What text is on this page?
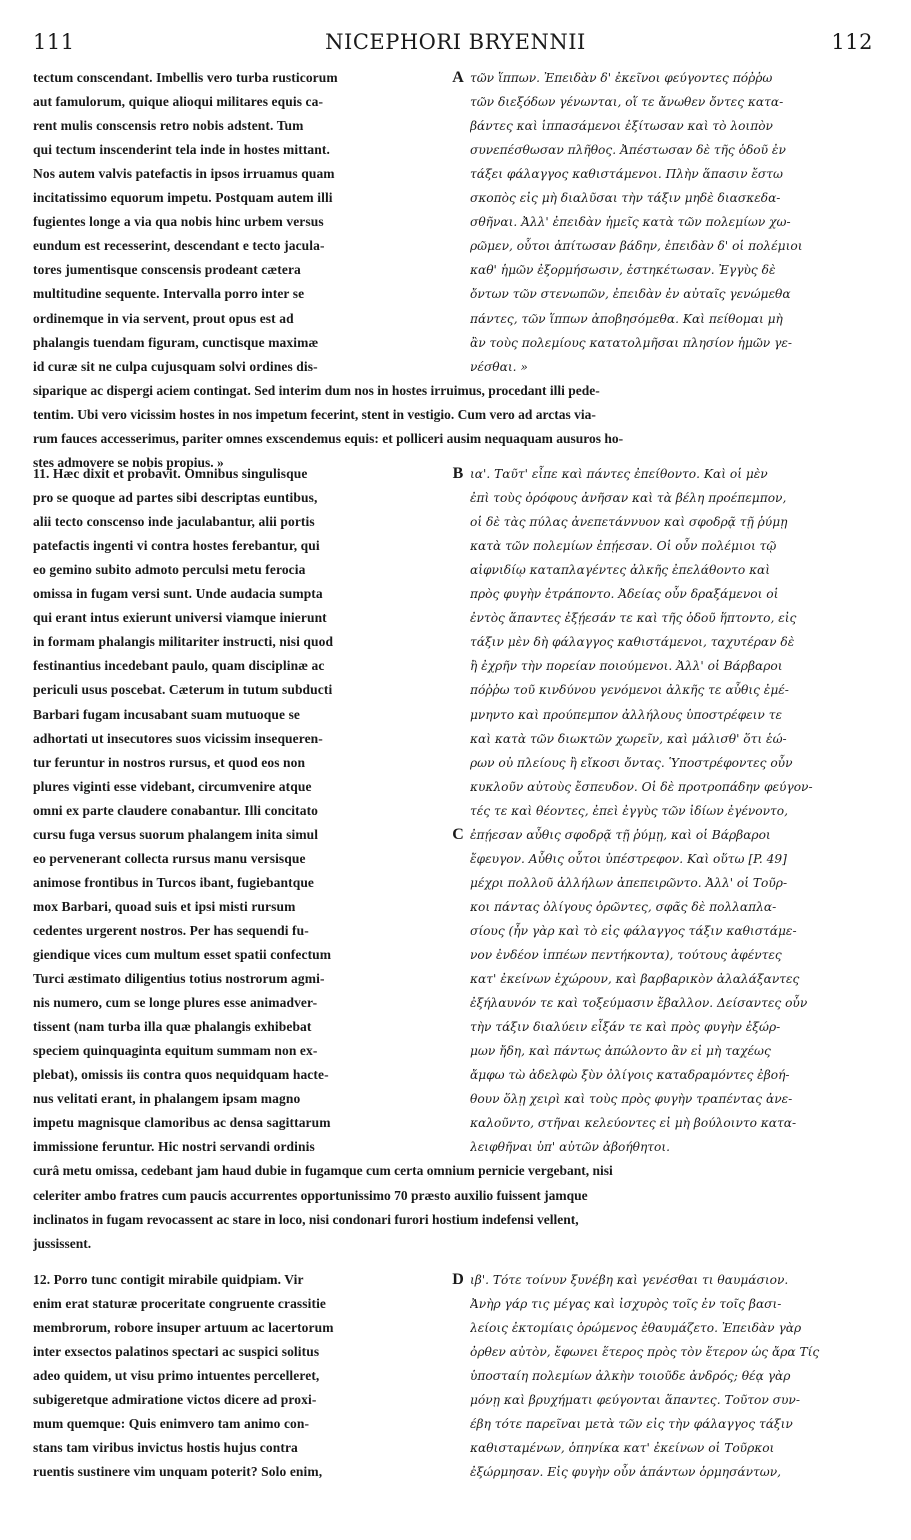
111	NICEPHORI BRYENNII	112
tectum conscendant. Imbellis vero turba rusticorum
aut famulorum, quique alioqui militares equis ca-
rent mulis conscensis retro nobis adstent. Tum
qui tectum inscenderint tela inde in hostes mittant.
Nos autem valvis patefactis in ipsos irruamus quam
incitatissimo equorum impetu. Postquam autem illi
fugientes longe a via qua nobis hinc urbem versus
eundum est recesserint, descendant e tecto jacula-
tores jumentisque conscensis prodeant cætera
multitudine sequente. Intervalla porro inter se
ordinemque in via servent, prout opus est ad
phalangis tuendam figuram, cunctisque maximæ
id curæ sit ne culpa cujusquam solvi ordines dis-
τῶν ἵππων. Ἐπειδὰν δ' ἐκεῖνοι φεύγοντες πόῤῥω
τῶν διεξόδων γένωνται, οἵ τε ἄνωθεν ὄντες κατα-
βάντες καὶ ἱππασάμενοι ἐξίτωσαν καὶ τὸ λοιπὸν
συνεπέσθωσαν πλῆθος. Ἀπέστωσαν δὲ τῆς ὁδοῦ ἐν
τάξει φάλαγγος καθιστάμενοι. Πλὴν ἅπασιν ἔστω
σκοπὸς εἰς μὴ διαλῦσαι τὴν τάξιν μηδὲ διασκεδα-
σθῆναι. Ἀλλ' ἐπειδὰν ἡμεῖς κατὰ τῶν πολεμίων χω-
ρῶμεν, οὗτοι ἀπίτωσαν βάδην, ἐπειδὰν δ' οἱ πολέμιοι
καθ' ἡμῶν ἐξορμήσωσιν, ἑστηκέτωσαν. Ἐγγὺς δὲ
ὄντων τῶν στενωπῶν, ἐπειδὰν ἐν αὐταῖς γενώμεθα
πάντες, τῶν ἵππων ἀποβησόμεθα. Καὶ πείθομαι μὴ
ἂν τοὺς πολεμίους κατατολμῆσαι πλησίον ἡμῶν γε-
νέσθαι. »
siparique ac dispergi aciem contingat. Sed interim dum nos in hostes irruimus, procedant illi pede-
tentim. Ubi vero vicissim hostes in nos impetum fecerint, stent in vestigio. Cum vero ad arctas via-
rum fauces accesserimus, pariter omnes exscendemus equis: et polliceri ausim nequaquam ausuros ho-
stes admovere se nobis propius. »
11. Hæc dixit et probavit. Omnibus singulisque
pro se quoque ad partes sibi descriptas euntibus,
alii tecto conscenso inde jaculabantur, alii portis
patefactis ingenti vi contra hostes ferebantur, qui
eo gemino subito admoto perculsi metu ferocia
omissa in fugam versi sunt. Unde audacia sumpta
qui erant intus exierunt universi viamque inierunt
in formam phalangis militariter instructi, nisi quod
festinantius incedebant paulo, quam disciplinæ ac
periculi usus poscebat. Cæterum in tutum subducti
Barbari fugam incusabant suam mutuoque se
adhortati ut insecutores suos vicissim insequeren-
tur feruntur in nostros rursus, et quod eos non
plures viginti esse videbant, circumvenire atque
omni ex parte claudere conabantur. Illi concitato
cursu fuga versus suorum phalangem inita simul
eo pervenerant collecta rursus manu versisque
animose frontibus in Turcos ibant, fugiebantque
mox Barbari, quoad suis et ipsi misti rursum
cedentes urgerent nostros. Per has sequendi fu-
giendique vices cum multum esset spatii confectum
Turci æstimato diligentius totius nostrorum agmi-
nis numero, cum se longe plures esse animadver-
tissent (nam turba illa quæ phalangis exhibebat
speciem quinquaginta equitum summam non ex-
plebat), omissis iis contra quos nequidquam hacte-
nus velitati erant, in phalangem ipsam magno
impetu magnisque clamoribus ac densa sagittarum
immissione feruntur. Hic nostri servandi ordinis
ια'. Ταῦτ' εἶπε καὶ πάντες ἐπείθοντο. Καὶ οἱ μὲν
ἐπὶ τοὺς ὀρόφους ἀνῆσαν καὶ τὰ βέλη προέπεμπον,
οἱ δὲ τὰς πύλας ἀνεπετάννυον καὶ σφοδρᾷ τῇ ῥύμῃ
κατὰ τῶν πολεμίων ἐπῄεσαν. Οἱ οὖν πολέμιοι τῷ
αἰφνιδίῳ καταπλαγέντες ἀλκῆς ἐπελάθοντο καὶ
πρὸς φυγὴν ἐτράποντο. Ἀδείας οὖν δραξάμενοι οἱ
ἐντὸς ἅπαντες ἐξῄεσάν τε καὶ τῆς ὁδοῦ ἥπτοντο, εἰς
τάξιν μὲν δὴ φάλαγγος καθιστάμενοι, ταχυτέραν δὲ
ἢ ἐχρῆν τὴν πορείαν ποιούμενοι. Ἀλλ' οἱ Βάρβαροι
πόῤῥω τοῦ κινδύνου γενόμενοι ἀλκῆς τε αὖθις ἐμέ-
μνηντο καὶ προύπεμπον ἀλλήλους ὑποστρέφειν τε
καὶ κατὰ τῶν διωκτῶν χωρεῖν, καὶ μάλισθ' ὅτι ἑώ-
ρων οὐ πλείους ἢ εἴκοσι ὄντας. Ὑποστρέφοντες οὖν
κυκλοῦν αὐτοὺς ἔσπευδον. Οἱ δὲ προτροπάδην φεύγον-
τές τε καὶ θέοντες, ἐπεὶ ἐγγὺς τῶν ἰδίων ἐγένοντο,
ἐπῄεσαν αὖθις σφοδρᾷ τῇ ῥύμῃ, καὶ οἱ Βάρβαροι
ἔφευγον. Αὖθις οὗτοι ὑπέστρεφον. Καὶ οὕτω [P. 49]
μέχρι πολλοῦ ἀλλήλων ἀπεπειρῶντο. Ἀλλ' οἱ Τοῦρ-
κοι πάντας ὀλίγους ὁρῶντες, σφᾶς δὲ πολλαπλα-
σίους (ἦν γὰρ καὶ τὸ εἰς φάλαγγος τάξιν καθιστάμε-
νον ἐνδέον ἱππέων πεντήκοντα), τούτους ἀφέντες
κατ' ἐκείνων ἐχώρουν, καὶ βαρβαρικὸν ἀλαλάξαντες
ἐξήλαυνόν τε καὶ τοξεύμασιν ἔβαλλον. Δείσαντες οὖν
τὴν τάξιν διαλύειν εἶξάν τε καὶ πρὸς φυγὴν ἐξώρ-
μων ἤδη, καὶ πάντως ἀπώλοντο ἂν εἰ μὴ ταχέως
ἄμφω τὼ ἀδελφὼ ξὺν ὀλίγοις καταδραμόντες ἐβοή-
θουν ὅλῃ χειρὶ καὶ τοὺς πρὸς φυγὴν τραπέντας ἀνε-
καλοῦντο, στῆναι κελεύοντες εἰ μὴ βούλοιντο κατα-
λειφθῆναι ὑπ' αὐτῶν ἀβοήθητοι.
curâ metu omissa, cedebant jam haud dubie in fugamque cum certa omnium pernicie vergebant, nisi
celeriter ambo fratres cum paucis accurrentes opportunissimo 70 præsto auxilio fuissent jamque
inclinatos in fugam revocassent ac stare in loco, nisi condonari furori hostium indefensi vellent,
jussissent.
12. Porro tunc contigit mirabile quidpiam. Vir
enim erat staturæ proceritate congruente crassitie
membrorum, robore insuper artuum ac lacertorum
inter exsectos palatinos spectari ac suspici solitus
adeo quidem, ut visu primo intuentes percelleret,
subigeretque admiratione victos dicere ad proxi-
mum quemque: Quis enimvero tam animo con-
stans tam viribus invictus hostis hujus contra
ruentis sustinere vim unquam poterit? Solo enim,
ιβ'. Τότε τοίνυν ξυνέβη καὶ γενέσθαι τι θαυμάσιον.
Ἀνὴρ γάρ τις μέγας καὶ ἰσχυρὸς τοῖς ἐν τοῖς βασι-
λείοις ἐκτομίαις ὁρώμενος ἐθαυμάζετο. Ἐπειδὰν γὰρ
ὀρθεν αὐτὸν, ἔφωνει ἕτερος πρὸς τὸν ἕτερον ὡς ἄρα Τίς
ὑποσταίη πολεμίων ἀλκὴν τοιοῦδε ἀνδρός; θέᾳ γὰρ
μόνῃ καὶ βρυχήματι φεύγονται ἅπαντες. Τοῦτον συν-
έβη τότε παρεῖναι μετὰ τῶν εἰς τὴν φάλαγγος τάξιν
καθισταμένων, ὁπηνίκα κατ' ἐκείνων οἱ Τοῦρκοι
ἐξώρμησαν. Εἰς φυγὴν οὖν ἁπάντων ὁρμησάντων,
A
B
C
D
